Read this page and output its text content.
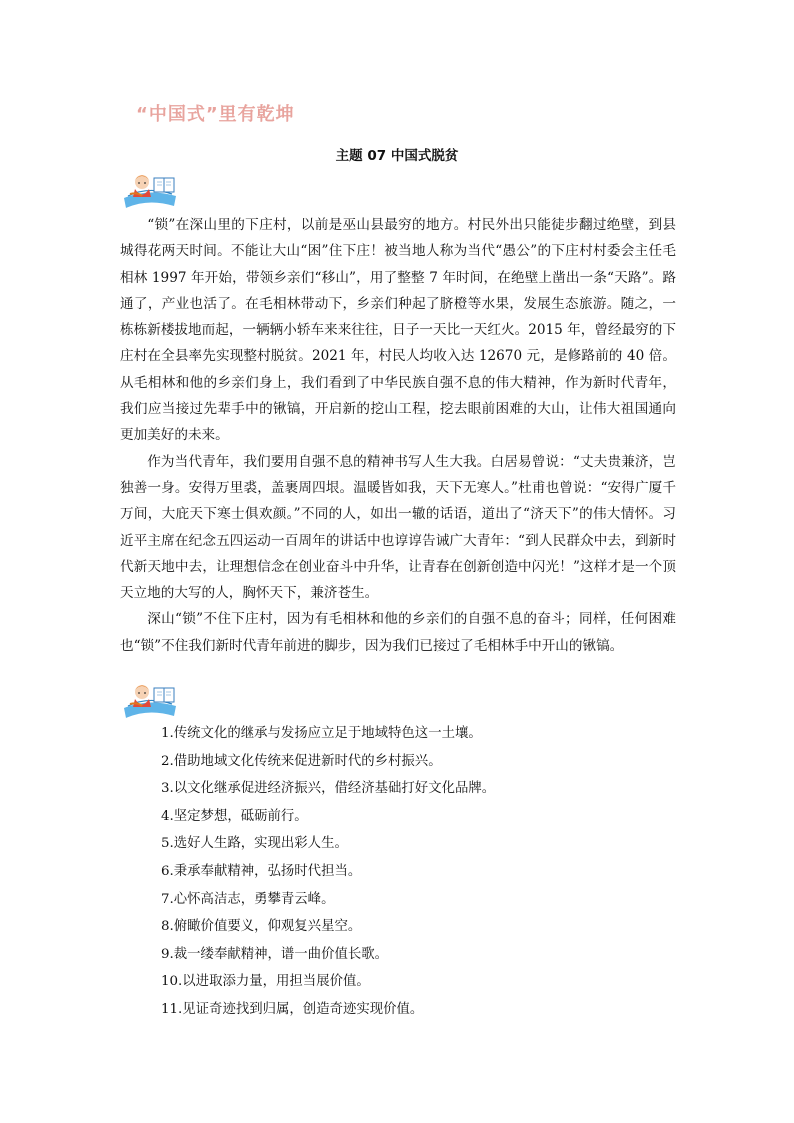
“中国式”里有乾坤
主题 07 中国式脱贫

“锁”在深山里的下庄村，以前是巫山县最穷的地方。村民外出只能徒步翻过绝壁，到县城得花两天时间。不能让大山“困”住下庄！被当地人称为当代“愚公”的下庄村村委会主任毛相林 1997 年开始，带领乡亲们“移山”，用了整整 7 年时间，在绝壁上凿出一条“天路”。路通了，产业也活了。在毛相林带动下，乡亲们种起了脐橙等水果，发展生态旅游。随之，一栋栋新楼拔地而起，一辆辆小轿车来来往往，日子一天比一天红火。2015 年，曾经最穷的下庄村在全县率先实现整村脱贫。2021 年，村民人均收入达 12670 元，是修路前的 40 倍。从毛相林和他的乡亲们身上，我们看到了中华民族自强不息的伟大精神，作为新时代青年，我们应当接过先辈手中的锹镐，开启新的挖山工程，挖去眼前困难的大山，让伟大祖国通向更加美好的未来。

作为当代青年，我们要用自强不息的精神书写人生大我。白居易曾说：“丈夫贵兼济，岂独善一身。安得万里裘，盖裹周四垠。温暖皆如我，天下无寒人。”杜甫也曾说：“安得广厦千万间，大庇天下寒士俱欢颜。”不同的人，如出一辙的话语，道出了“济天下”的伟大情怀。习近平主席在纪念五四运动一百周年的讲话中也谆谆告诫广大青年：“到人民群众中去，到新时代新天地中去，让理想信念在创业奋斗中升华，让青春在创新创造中闪光！”这样才是一个顶天立地的大写的人，胸怀天下，兼济苍生。

深山“锁”不住下庄村，因为有毛相林和他的乡亲们的自强不息的奋斗；同样，任何困难也“锁”不住我们新时代青年前进的脚步，因为我们已接过了毛相林手中开山的锹镐。

1.传统文化的继承与发扬应立足于地域特色这一土壤。
2.借助地域文化传统来促进新时代的乡村振兴。
3.以文化继承促进经济振兴，借经济基础打好文化品牌。
4.坚定梦想，砥砺前行。
5.选好人生路，实现出彩人生。
6.秉承奉献精神，弘扬时代担当。
7.心怀高洁志，勇攀青云峰。
8.俯瞰价值要义，仰观复兴星空。
9.裁一缕奉献精神，谱一曲价值长歌。
10.以进取添力量，用担当展价值。
11.见证奇迹找到归属，创造奇迹实现价值。
